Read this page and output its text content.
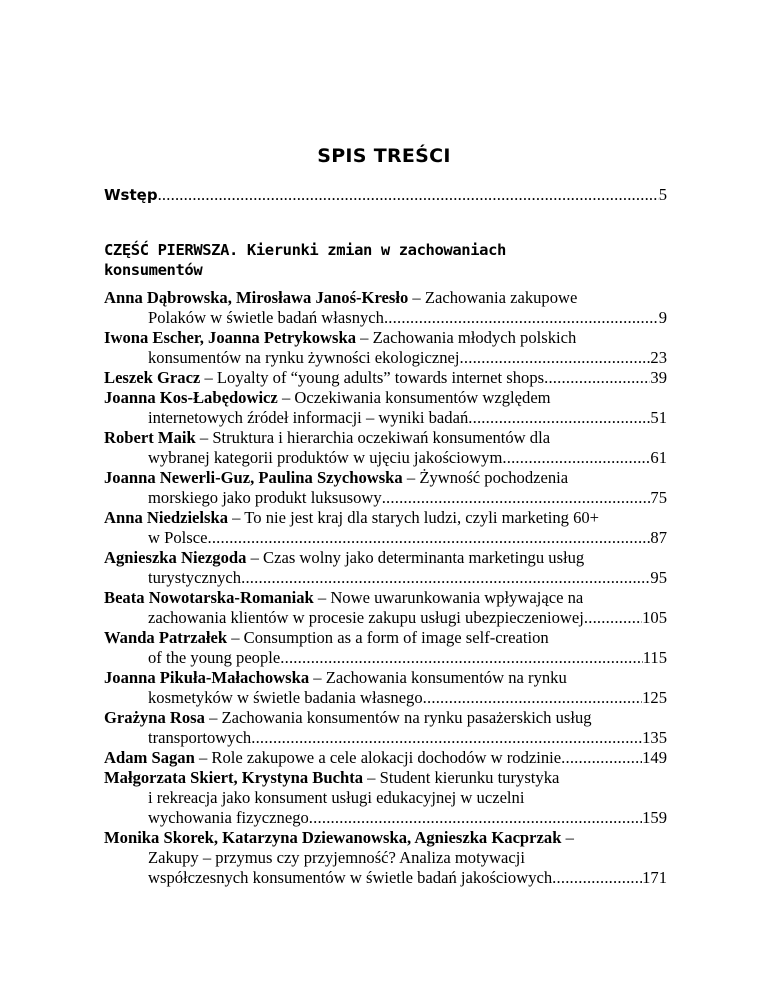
SPIS TREŚCI
Wstęp .....	5
CZĘŚĆ PIERWSZA. Kierunki zmian w zachowaniach
konsumentów
Anna Dąbrowska, Mirosława Janoś-Kresło – Zachowania zakupowe
Polaków w świetle badań własnych .....	9
Iwona Escher, Joanna Petrykowska – Zachowania młodych polskich
konsumentów na rynku żywności ekologicznej .....	23
Leszek Gracz – Loyalty of “young adults” towards internet shops .....	39
Joanna Kos-Łabędowicz – Oczekiwania konsumentów względem
internetowych źródeł informacji – wyniki badań .....	51
Robert Maik – Struktura i hierarchia oczekiwań konsumentów dla
wybranej kategorii produktów w ujęciu jakościowym .....	61
Joanna Newerli-Guz, Paulina Szychowska – Żywność pochodzenia
morskiego jako produkt luksusowy .....	75
Anna Niedzielska – To nie jest kraj dla starych ludzi, czyli marketing 60+
w Polsce .....	87
Agnieszka Niezgoda – Czas wolny jako determinanta marketingu usług
turystycznych .....	95
Beata Nowotarska-Romaniak – Nowe uwarunkowania wpływające na
zachowania klientów w procesie zakupu usługi ubezpieczeniowej .....	105
Wanda Patrzałek – Consumption as a form of image self-creation
of the young people .....	115
Joanna Pikuła-Małachowska – Zachowania konsumentów na rynku
kosmetyków w świetle badania własnego .....	125
Grażyna Rosa – Zachowania konsumentów na rynku pasażerskich usług
transportowych .....	135
Adam Sagan – Role zakupowe a cele alokacji dochodów w rodzinie .....	149
Małgorzata Skiert, Krystyna Buchta – Student kierunku turystyka
i rekreacja jako konsument usługi edukacyjnej w uczelni
wychowania fizycznego .....	159
Monika Skorek, Katarzyna Dziewanowska, Agnieszka Kacprzak –
Zakupy – przymus czy przyjemność? Analiza motywacji
współczesnych konsumentów w świetle badań jakościowych .....	171
